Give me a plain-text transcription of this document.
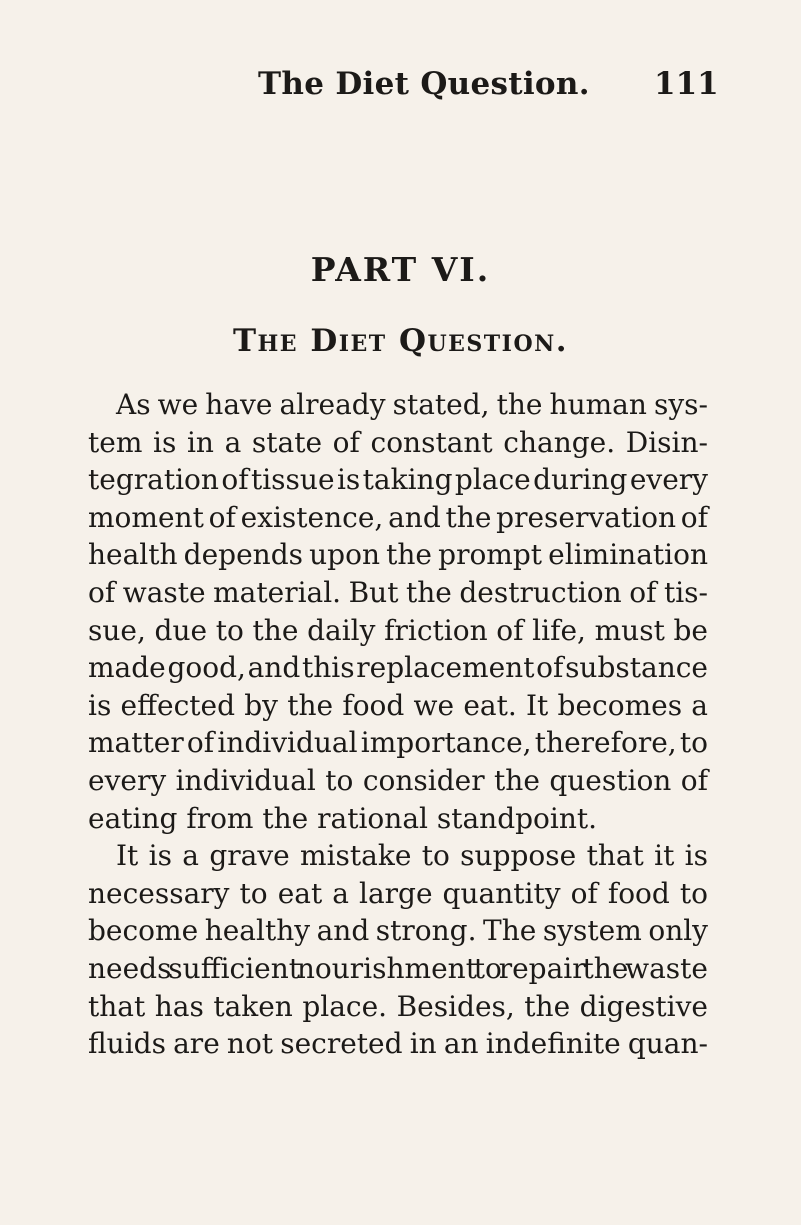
The Diet Question. 111
PART VI.
The Diet Question.
As we have already stated, the human sys-
tem is in a state of constant change. Disin-
tegration of tissue is taking place during every
moment of existence, and the preservation of
health depends upon the prompt elimination
of waste material. But the destruction of tis-
sue, due to the daily friction of life, must be
made good, and this replacement of substance
is effected by the food we eat. It becomes a
matter of individual importance, therefore, to
every individual to consider the question of
eating from the rational standpoint.
It is a grave mistake to suppose that it is
necessary to eat a large quantity of food to
become healthy and strong. The system only
needs sufficient nourishment to repair the waste
that has taken place. Besides, the digestive
fluids are not secreted in an indefinite quan-
